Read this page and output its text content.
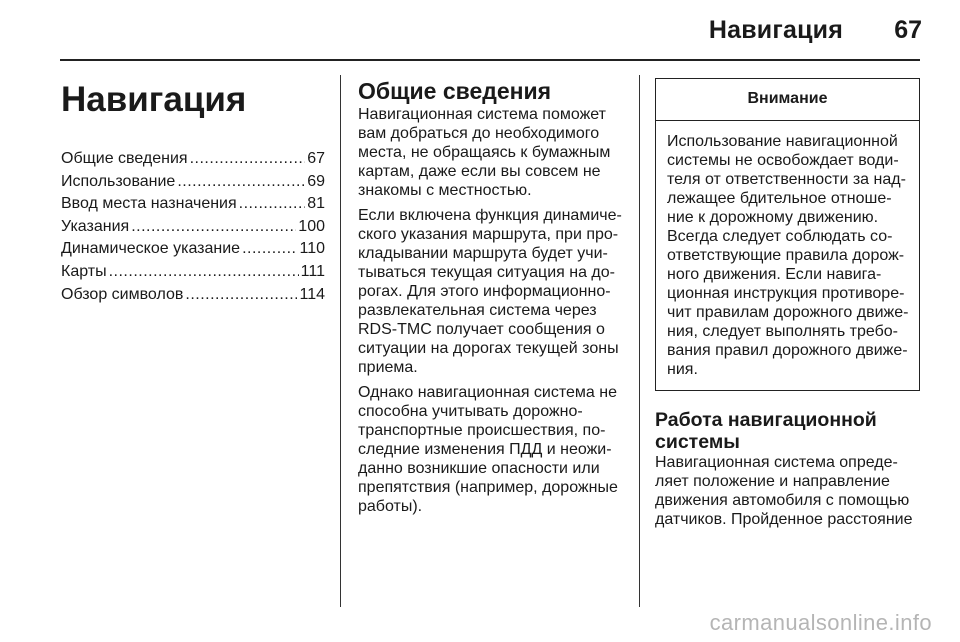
Навигация 67
Навигация
Общие сведения .....	67
Использование .....	69
Ввод места назначения .....	81
Указания .....	100
Динамическое указание .....	110
Карты .....	111
Обзор символов .....	114
Общие сведения

Навигационная система поможет
вам добраться до необходимого
места, не обращаясь к бумажным
картам, даже если вы совсем не
знакомы с местностью.

Если включена функция динамиче-
ского указания маршрута, при про-
кладывании маршрута будет учи-
тываться текущая ситуация на до-
рогах. Для этого информационно-
развлекательная система через
RDS-TMC получает сообщения о
ситуации на дорогах текущей зоны
приема.

Однако навигационная система не
способна учитывать дорожно-
транспортные происшествия, по-
следние изменения ПДД и неожи-
данно возникшие опасности или
препятствия (например, дорожные
работы).

Внимание
Использование навигационной
системы не освобождает води-
теля от ответственности за над-
лежащее бдительное отноше-
ние к дорожному движению.
Всегда следует соблюдать со-
ответствующие правила дорож-
ного движения. Если навига-
ционная инструкция противоре-
чит правилам дорожного движе-
ния, следует выполнять требо-
вания правил дорожного движе-
ния.
Работа навигационной
системы

Навигационная система опреде-
ляет положение и направление
движения автомобиля с помощью
датчиков. Пройденное расстояние

carmanualsonline.info
